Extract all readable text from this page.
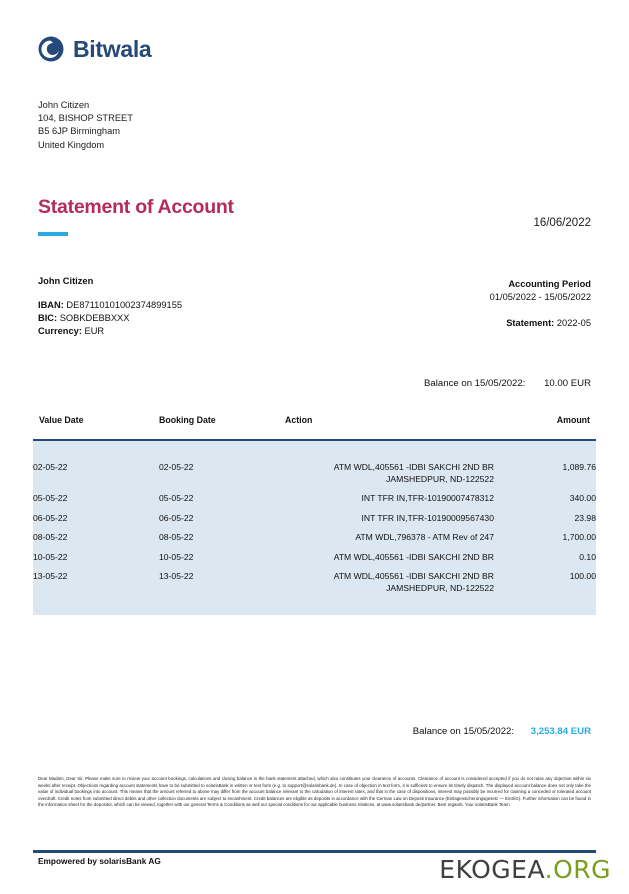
Bitwala
John Citizen
104, BISHOP STREET
B5 6JP Birmingham
United Kingdom
Statement of Account
16/06/2022
John Citizen
IBAN: DE87110101002374899155
BIC: SOBKDEBBXXX
Currency: EUR
Accounting Period
01/05/2022 - 15/05/2022
Statement: 2022-05
Balance on 15/05/2022: 10.00 EUR
Value Date	Booking Date	Action	Amount

02-05-22	02-05-22	ATM WDL,405561 -IDBI SAKCHI 2ND BR
JAMSHEDPUR, ND-122522	1,089.76
05-05-22	05-05-22	INT TFR IN,TFR-10190007478312	340.00
06-05-22	06-05-22	INT TFR IN,TFR-10190009567430	23.98
08-05-22	08-05-22	ATM WDL,796378 - ATM Rev of 247	1,700.00
10-05-22	10-05-22	ATM WDL,405561 -IDBI SAKCHI 2ND BR	0.10
13-05-22	13-05-22	ATM WDL,405561 -IDBI SAKCHI 2ND BR
JAMSHEDPUR, ND-122522	100.00

Balance on 15/05/2022: 3,253.84 EUR
Dear Madam, Dear Sir, Please make sure to review your account bookings, calculations and closing balance in the bank statement attached, which also constitutes your clearance of accounts. Clearance of account is considered accepted if you do not raise any objection within six weeks after receipt. Objections regarding account statements have to be submitted to solarisBank in written or text form (e.g. to support@solarisbank.de). In case of objection in text form, it is sufficient to ensure its timely dispatch. The displayed account balance does not only take the value of individual bookings into account. This means that the amount referred to above may differ from the account balance relevant to the calculation of interest rates, and that in the case of dispositions, interest may possibly be incurred for claiming a conceded or tolerated account overdraft. Credit notes from submitted direct debits and other collection documents are subject to encashment. Credit balances are eligible as deposits in accordance with the German Law on Deposit Insurance (Einlagensicherungsgesetz — EinSiG). Further information can be found in the information sheet for the depositor, which can be viewed, together with our general Terms & Conditions as well our special conditions for our applicable business relations, at www.solarisbank.de/partner. Best regards. Your solarisBank Team
Empowered by solarisBank AG	EKOGEA.ORG
